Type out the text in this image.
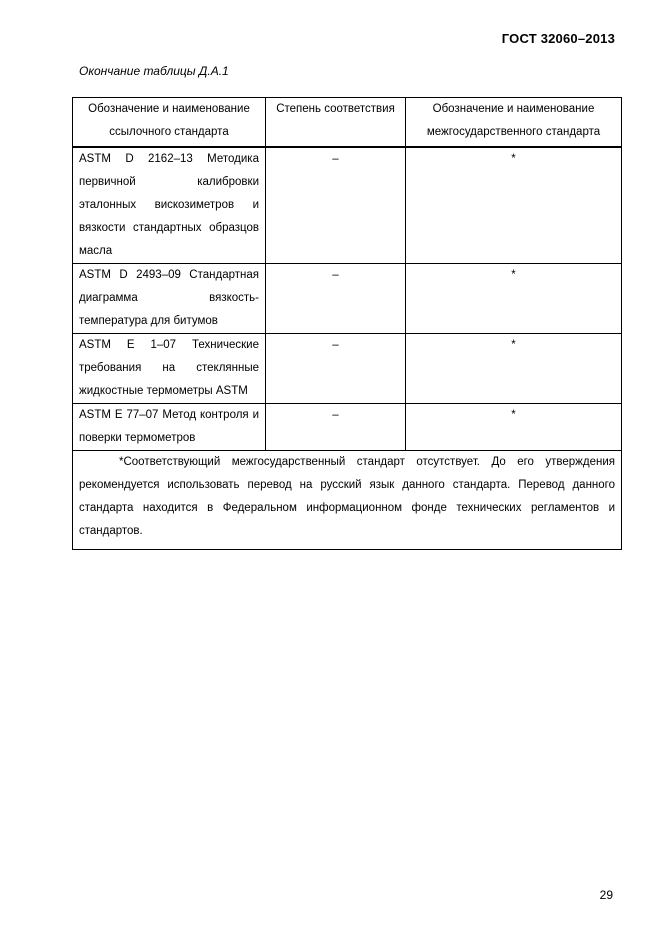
ГОСТ 32060–2013
Окончание таблицы Д.А.1
Обозначение и наименование ссылочного стандарта	Степень соответствия	Обозначение и наименование межгосударственного стандарта
ASTM D 2162–13 Методика первичной калибровки эталонных вискозиметров и вязкости стандартных образцов масла	–	*
ASTM D 2493–09 Стандартная диаграмма вязкость-температура для битумов	–	*
ASTM E 1–07 Технические требования на стеклянные жидкостные термометры ASTM	–	*
ASTM E 77–07 Метод контроля и поверки термометров	–	*

*Соответствующий межгосударственный стандарт отсутствует. До его утверждения рекомендуется использовать перевод на русский язык данного стандарта. Перевод данного стандарта находится в Федеральном информационном фонде технических регламентов и стандартов.		
29
